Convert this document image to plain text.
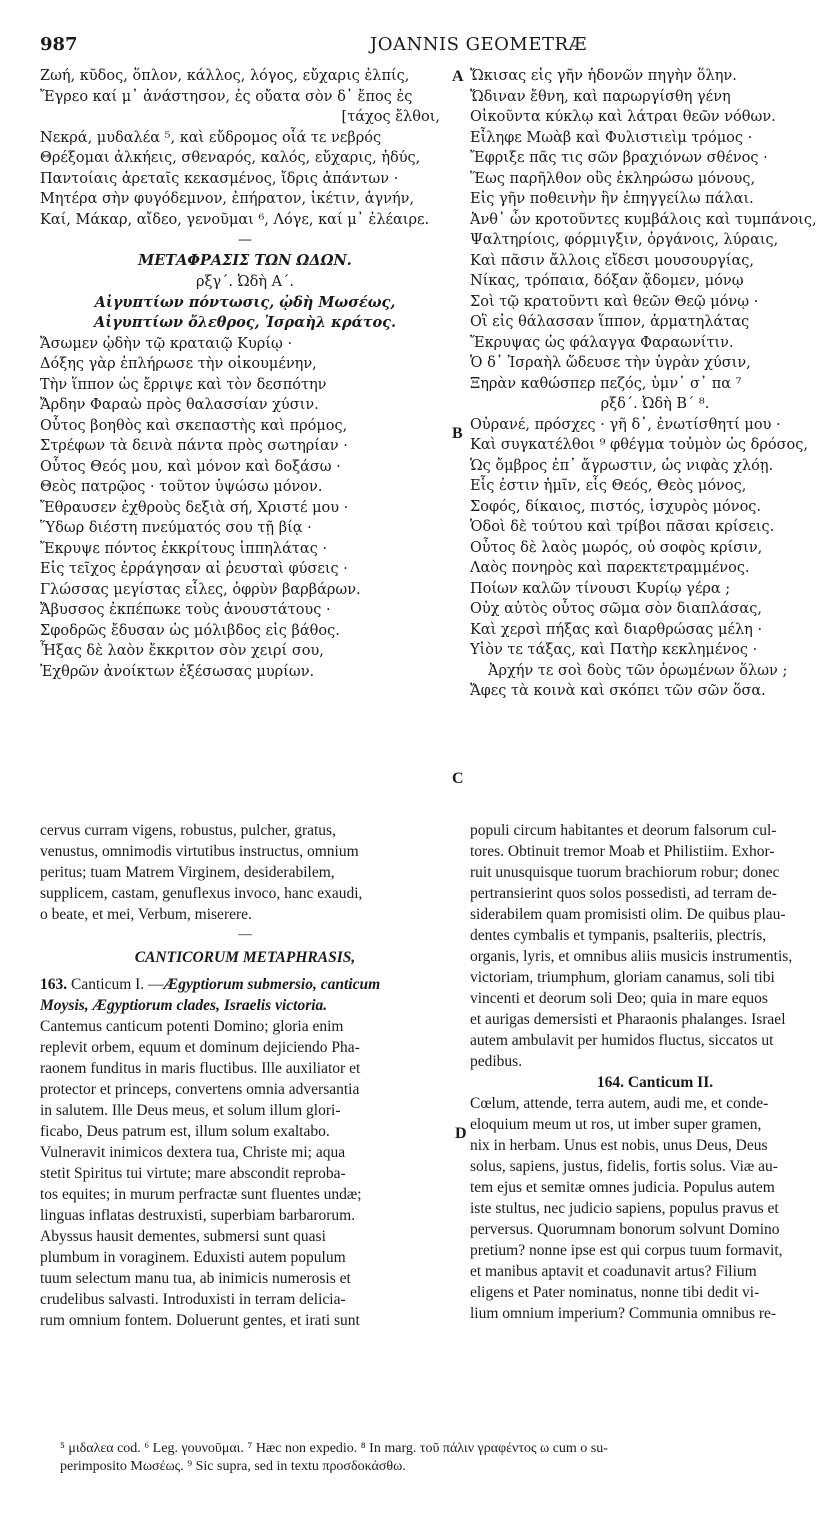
987	JOANNIS GEOMETRÆ
A
B
C
D
Ζωή, κῦδος, ὅπλον, κάλλος, λόγος, εὔχαρις ἐλπίς,
Ἔγρεο καί μ᾽ ἀνάστησον, ἐς οὔατα σὸν δ᾽ ἔπος ἐς
[τάχος ἔλθοι,
Νεκρά, μυδαλέα ⁵, καὶ εὔδρομος οἷά τε νεβρός
Θρέξομαι ἀλκήεις, σθεναρός, καλός, εὔχαρις, ἡδύς,
Παντοίαις ἀρεταῖς κεκασμένος, ἴδρις ἁπάντων ·
Μητέρα σὴν φυγόδεμνον, ἐπήρατον, ἱκέτιν, ἁγνήν,
Καί, Μάκαρ, αἴδεο, γενοῦμαι ⁶, Λόγε, καί μ᾽ ἐλέαιρε.
—
ΜΕΤΑΦΡΑΣΙΣ ΤΩΝ ΩΔΩΝ.
ρξγ΄. Ὠδὴ Α΄.
Αἰγυπτίων πόντωσις, ᾠδὴ Μωσέως,
Αἰγυπτίων ὄλεθρος, Ἰσραὴλ κράτος.
Ἄσωμεν ᾠδὴν τῷ κραταιῷ Κυρίῳ ·
Δόξης γὰρ ἐπλήρωσε τὴν οἰκουμένην,
Τὴν ἵππον ὡς ἔρριψε καὶ τὸν δεσπότην
Ἄρδην Φαραὼ πρὸς θαλασσίαν χύσιν.
Οὗτος βοηθὸς καὶ σκεπαστὴς καὶ πρόμος,
Στρέφων τὰ δεινὰ πάντα πρὸς σωτηρίαν ·
Οὗτος Θεός μου, καὶ μόνον καὶ δοξάσω ·
Θεὸς πατρῷος · τοῦτον ὑψώσω μόνον.
Ἔθραυσεν ἐχθροὺς δεξιὰ σή, Χριστέ μου ·
Ὕδωρ διέστη πνεύματός σου τῇ βίᾳ ·
Ἔκρυψε πόντος ἐκκρίτους ἱππηλάτας ·
Εἰς τεῖχος ἐρράγησαν αἱ ῥευσταὶ φύσεις ·
Γλώσσας μεγίστας εἷλες, ὀφρὺν βαρβάρων.
Ἄβυσσος ἐκπέπωκε τοὺς ἀνουστάτους ·
Σφοδρῶς ἔδυσαν ὡς μόλιβδος εἰς βάθος.
Ἦξας δὲ λαὸν ἔκκριτον σὸν χειρί σου,
Ἐχθρῶν ἀνοίκτων ἐξέσωσας μυρίων.
Ὤκισας εἰς γῆν ἡδονῶν πηγὴν ὅλην.
Ὤδιναν ἔθνη, καὶ παρωργίσθη γένη
Οἰκοῦντα κύκλῳ καὶ λάτραι θεῶν νόθων.
Εἶληφε Μωὰβ καὶ Φυλιστιεὶμ τρόμος ·
Ἔφριξε πᾶς τις σῶν βραχιόνων σθένος ·
Ἕως παρῆλθον οὓς ἐκληρώσω μόνους,
Εἰς γῆν ποθεινὴν ἣν ἐπηγγείλω πάλαι.
Ἀνθ᾽ ὧν κροτοῦντες κυμβάλοις καὶ τυμπάνοις,
Ψαλτηρίοις, φόρμιγξιν, ὀργάνοις, λύραις,
Καὶ πᾶσιν ἄλλοις εἴδεσι μουσουργίας,
Νίκας, τρόπαια, δόξαν ᾄδομεν, μόνῳ
Σοὶ τῷ κρατοῦντι καὶ θεῶν Θεῷ μόνῳ ·
Οἳ εἰς θάλασσαν ἵππον, ἁρματηλάτας
Ἔκρυψας ὡς φάλαγγα Φαραωνίτιν.
Ὁ δ᾽ Ἰσραὴλ ὥδευσε τὴν ὑγρὰν χύσιν,
Ξηρὰν καθώσπερ πεζός, ὑμν᾽ σ᾽ πα ⁷
ρξδ΄. Ὠδὴ Β΄ ⁸.
Οὐρανέ, πρόσχες · γῆ δ᾽, ἐνωτίσθητί μου ·
Καὶ συγκατέλθοι ⁹ φθέγμα τοὐμὸν ὡς δρόσος,
Ὡς ὄμβρος ἐπ᾽ ἄγρωστιν, ὡς νιφὰς χλόῃ.
Εἷς ἐστιν ἡμῖν, εἷς Θεός, Θεὸς μόνος,
Σοφός, δίκαιος, πιστός, ἰσχυρὸς μόνος.
Ὁδοὶ δὲ τούτου καὶ τρίβοι πᾶσαι κρίσεις.
Οὗτος δὲ λαὸς μωρός, οὐ σοφὸς κρίσιν,
Λαὸς πονηρὸς καὶ παρεκτετραμμένος.
Ποίων καλῶν τίνουσι Κυρίῳ γέρα ;
Οὐχ αὐτὸς οὗτος σῶμα σὸν διαπλάσας,
Καὶ χερσὶ πήξας καὶ διαρθρώσας μέλη ·
Υἱὸν τε τάξας, καὶ Πατὴρ κεκλημένος ·
Ἀρχήν τε σοὶ δοὺς τῶν ὁρωμένων ὅλων ;
Ἄφες τὰ κοινὰ καὶ σκόπει τῶν σῶν ὅσα.
cervus curram vigens, robustus, pulcher, gratus,
venustus, omnimodis virtutibus instructus, omnium
peritus; tuam Matrem Virginem, desiderabilem,
supplicem, castam, genuflexus invoco, hanc exaudi,
o beate, et mei, Verbum, miserere.
—
CANTICORUM METAPHRASIS,
163. Canticum I. —Ægyptiorum submersio, canticum
Moysis, Ægyptiorum clades, Israelis victoria.
Cantemus canticum potenti Domino; gloria enim
replevit orbem, equum et dominum dejiciendo Pha-
raonem funditus in maris fluctibus. Ille auxiliator et
protector et princeps, convertens omnia adversantia
in salutem. Ille Deus meus, et solum illum glori-
ficabo, Deus patrum est, illum solum exaltabo.
Vulneravit inimicos dextera tua, Christe mi; aqua
stetit Spiritus tui virtute; mare abscondit reproba-
tos equites; in murum perfractæ sunt fluentes undæ;
linguas inflatas destruxisti, superbiam barbarorum.
Abyssus hausit dementes, submersi sunt quasi
plumbum in voraginem. Eduxisti autem populum
tuum selectum manu tua, ab inimicis numerosis et
crudelibus salvasti. Introduxisti in terram delicia-
rum omnium fontem. Doluerunt gentes, et irati sunt
populi circum habitantes et deorum falsorum cul-
tores. Obtinuit tremor Moab et Philistiim. Exhor-
ruit unusquisque tuorum brachiorum robur; donec
pertransierint quos solos possedisti, ad terram de-
siderabilem quam promisisti olim. De quibus plau-
dentes cymbalis et tympanis, psalteriis, plectris,
organis, lyris, et omnibus aliis musicis instrumentis,
victoriam, triumphum, gloriam canamus, soli tibi
vincenti et deorum soli Deo; quia in mare equos
et aurigas demersisti et Pharaonis phalanges. Israel
autem ambulavit per humidos fluctus, siccatos ut
pedibus.
164. Canticum II.
Cœlum, attende, terra autem, audi me, et conde-
eloquium meum ut ros, ut imber super gramen,
nix in herbam. Unus est nobis, unus Deus, Deus
solus, sapiens, justus, fidelis, fortis solus. Viæ au-
tem ejus et semitæ omnes judicia. Populus autem
iste stultus, nec judicio sapiens, populus pravus et
perversus. Quorumnam bonorum solvunt Domino
pretium? nonne ipse est qui corpus tuum formavit,
et manibus aptavit et coadunavit artus? Filium
eligens et Pater nominatus, nonne tibi dedit vi-
lium omnium imperium? Communia omnibus re-
⁵ μιδαλεα cod. ⁶ Leg. γουνοῦμαι. ⁷ Hæc non expedio. ⁸ In marg. τοῦ πάλιν γραφέντος ω cum o su-
perimposito Μωσέως. ⁹ Sic supra, sed in textu προσδοκάσθω.
